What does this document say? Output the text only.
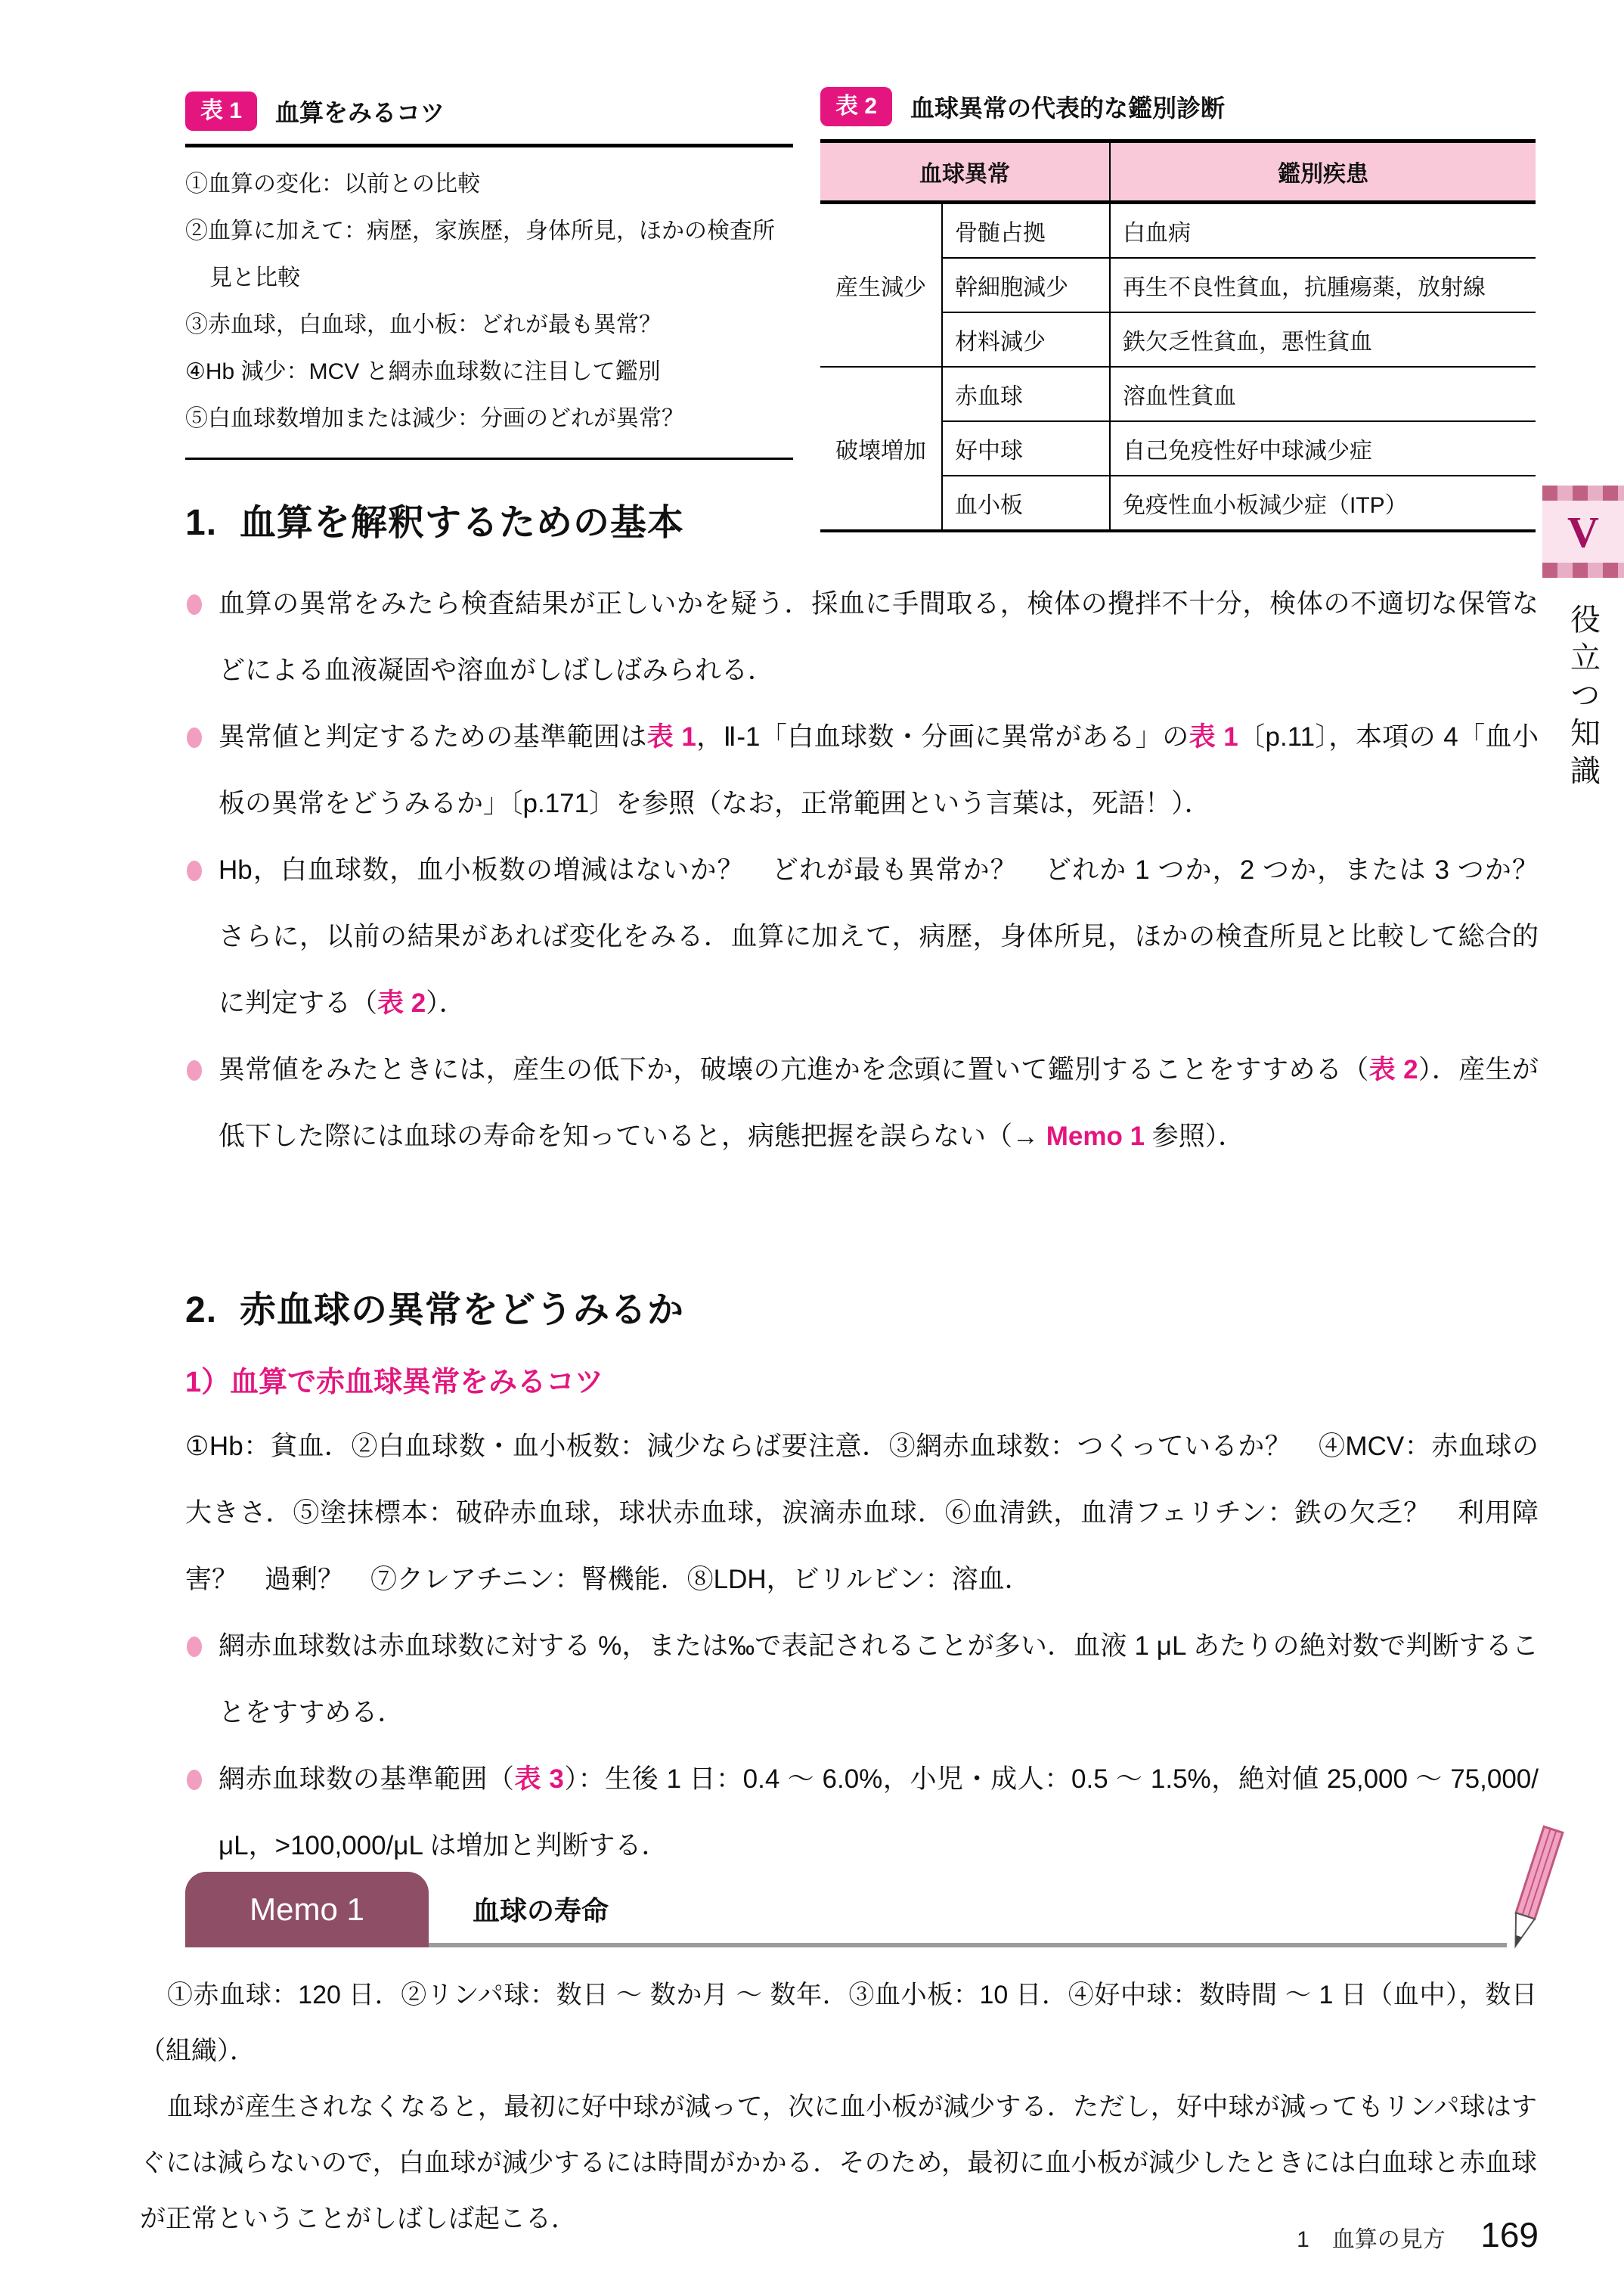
表 1	血算をみるコツ
①血算の変化：以前との比較
②血算に加えて：病歴，家族歴，身体所見，ほかの検査所見と比較
③赤血球，白血球，血小板：どれが最も異常？
④Hb 減少：MCV と網赤血球数に注目して鑑別
⑤白血球数増加または減少：分画のどれが異常？
表 2	血球異常の代表的な鑑別診断
血球異常		鑑別疾患
産生減少	骨髄占拠	白血病
	幹細胞減少	再生不良性貧血，抗腫瘍薬，放射線
	材料減少	鉄欠乏性貧血，悪性貧血
破壊増加	赤血球	溶血性貧血
	好中球	自己免疫性好中球減少症
	血小板	免疫性血小板減少症（ITP）
1. 血算を解釈するための基本
血算の異常をみたら検査結果が正しいかを疑う．採血に手間取る，検体の攪拌不十分，検体の不適切な保管などによる血液凝固や溶血がしばしばみられる．
異常値と判定するための基準範囲は表 1，Ⅱ-1「白血球数・分画に異常がある」の表 1〔p.11〕，本項の 4「血小板の異常をどうみるか」〔p.171〕を参照（なお，正常範囲という言葉は，死語！）．
Hb，白血球数，血小板数の増減はないか？　どれが最も異常か？　どれか 1 つか，2 つか，または 3 つか？　さらに，以前の結果があれば変化をみる．血算に加えて，病歴，身体所見，ほかの検査所見と比較して総合的に判定する（表 2）．
異常値をみたときには，産生の低下か，破壊の亢進かを念頭に置いて鑑別することをすすめる（表 2）．産生が低下した際には血球の寿命を知っていると，病態把握を誤らない（→ Memo 1 参照）．
2. 赤血球の異常をどうみるか
1）血算で赤血球異常をみるコツ

①Hb：貧血．②白血球数・血小板数：減少ならば要注意．③網赤血球数：つくっているか？　④MCV：赤血球の大きさ．⑤塗抹標本：破砕赤血球，球状赤血球，涙滴赤血球．⑥血清鉄，血清フェリチン：鉄の欠乏？　利用障害？　過剰？　⑦クレアチニン：腎機能．⑧LDH，ビリルビン：溶血．

網赤血球数は赤血球数に対する %，または‰で表記されることが多い．血液 1 μL あたりの絶対数で判断することをすすめる．
網赤血球数の基準範囲（表 3）：生後 1 日：0.4 ～ 6.0%，小児・成人：0.5 ～ 1.5%，絶対値 25,000 ～ 75,000/μL，>100,000/μL は増加と判断する．
Memo 1	血球の寿命

①赤血球：120 日．②リンパ球：数日 ～ 数か月 ～ 数年．③血小板：10 日．④好中球：数時間 ～ 1 日（血中），数日（組織）．

血球が産生されなくなると，最初に好中球が減って，次に血小板が減少する．ただし，好中球が減ってもリンパ球はすぐには減らないので，白血球が減少するには時間がかかる．そのため，最初に血小板が減少したときには白血球と赤血球が正常ということがしばしば起こる．

V
役立つ知識
1　血算の見方 169
